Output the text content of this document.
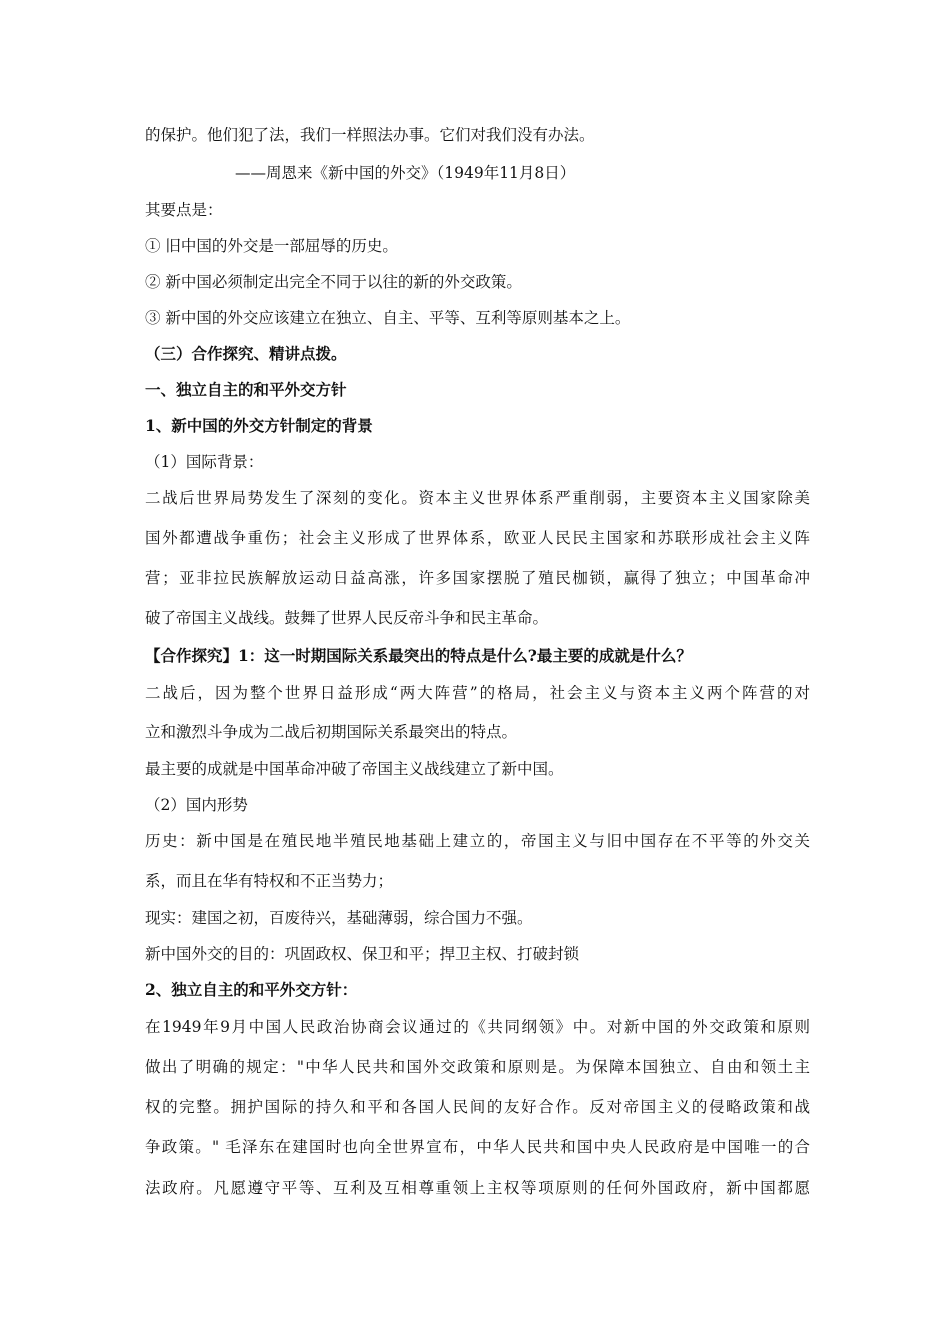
的保护。他们犯了法，我们一样照法办事。它们对我们没有办法。
——周恩来《新中国的外交》（1949年11月8日）
其要点是：
① 旧中国的外交是一部屈辱的历史。
② 新中国必须制定出完全不同于以往的新的外交政策。
③ 新中国的外交应该建立在独立、自主、平等、互利等原则基本之上。
（三）合作探究、精讲点拨。
一、独立自主的和平外交方针
1、新中国的外交方针制定的背景
（1）国际背景：
二战后世界局势发生了深刻的变化。资本主义世界体系严重削弱，主要资本主义国家除美
国外都遭战争重伤；社会主义形成了世界体系，欧亚人民民主国家和苏联形成社会主义阵
营；亚非拉民族解放运动日益高涨，许多国家摆脱了殖民枷锁，赢得了独立；中国革命冲
破了帝国主义战线。鼓舞了世界人民反帝斗争和民主革命。
【合作探究】1：这一时期国际关系最突出的特点是什么?最主要的成就是什么？
二战后，因为整个世界日益形成“两大阵营”的格局，社会主义与资本主义两个阵营的对
立和激烈斗争成为二战后初期国际关系最突出的特点。
最主要的成就是中国革命冲破了帝国主义战线建立了新中国。
（2）国内形势
历史：新中国是在殖民地半殖民地基础上建立的，帝国主义与旧中国存在不平等的外交关
系，而且在华有特权和不正当势力；
现实：建国之初，百废待兴，基础薄弱，综合国力不强。
新中国外交的目的：巩固政权、保卫和平；捍卫主权、打破封锁
2、独立自主的和平外交方针：
在1949年9月中国人民政治协商会议通过的《共同纲领》中。对新中国的外交政策和原则
做出了明确的规定："中华人民共和国外交政策和原则是。为保障本国独立、自由和领土主
权的完整。拥护国际的持久和平和各国人民间的友好合作。反对帝国主义的侵略政策和战
争政策。" 毛泽东在建国时也向全世界宣布，中华人民共和国中央人民政府是中国唯一的合
法政府。凡愿遵守平等、互利及互相尊重领上主权等项原则的任何外国政府，新中国都愿
